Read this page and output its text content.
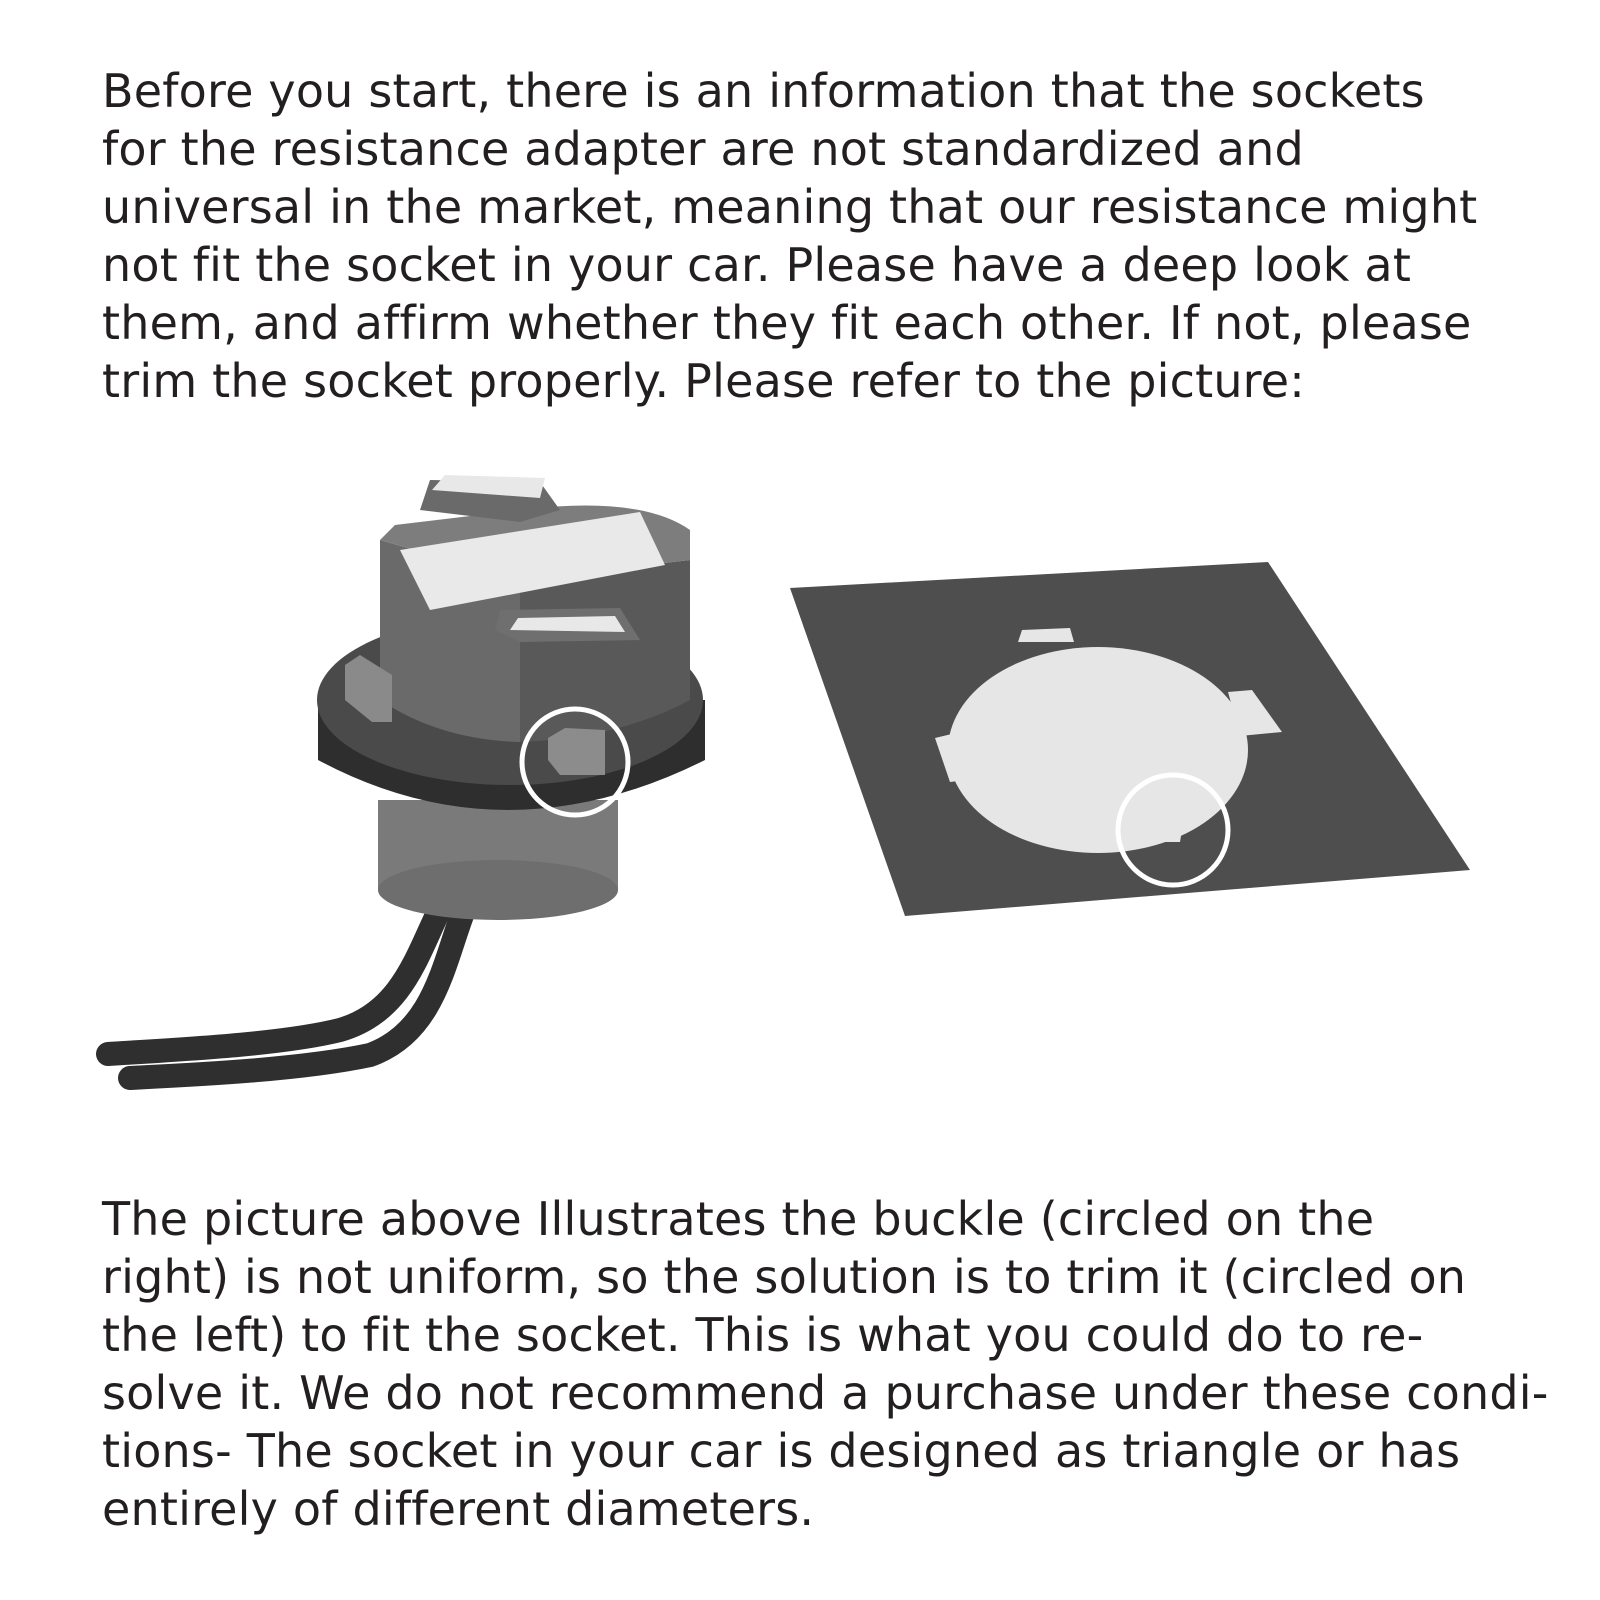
Before you start, there is an information that the sockets
for the resistance adapter are not standardized and
universal in the market, meaning that our resistance might
not fit the socket in your car. Please have a deep look at
them, and affirm whether they fit each other. If not, please
trim the socket properly. Please refer to the picture:
The picture above Illustrates the buckle (circled on the
right) is not uniform, so the solution is to trim it (circled on
the left) to fit the socket. This is what you could do to re-
solve it. We do not recommend a purchase under these condi-
tions- The socket in your car is designed as triangle or has
entirely of different diameters.
